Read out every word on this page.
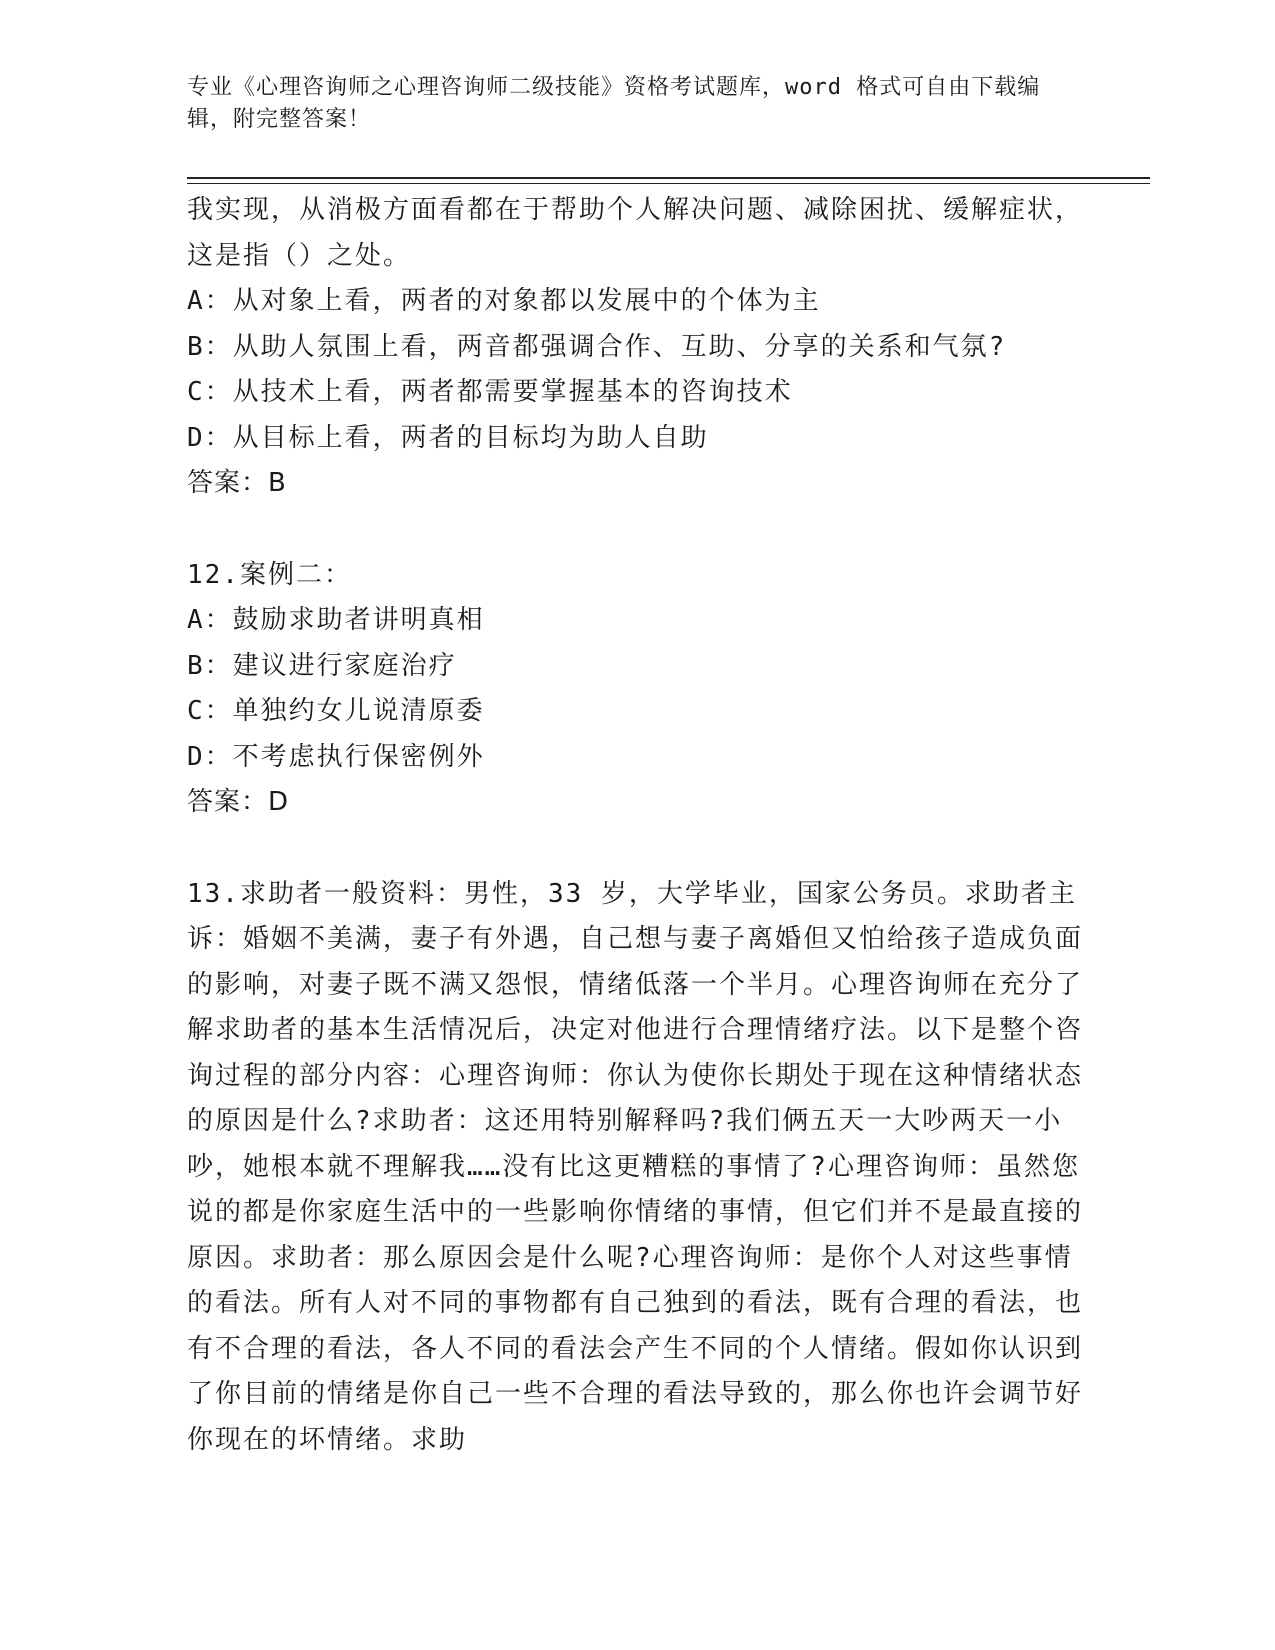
专业《心理咨询师之心理咨询师二级技能》资格考试题库，word 格式可自由下载编辑，附完整答案！

我实现，从消极方面看都在于帮助个人解决问题、减除困扰、缓解症状，这是指（）之处。

A：从对象上看，两者的对象都以发展中的个体为主

B：从助人氛围上看，两音都强调合作、互助、分享的关系和气氛?

C：从技术上看，两者都需要掌握基本的咨询技术

D：从目标上看，两者的目标均为助人自助

答案：B

12.案例二：

A：鼓励求助者讲明真相

B：建议进行家庭治疗

C：单独约女儿说清原委

D：不考虑执行保密例外

答案：D

13.求助者一般资料：男性，33 岁，大学毕业，国家公务员。求助者主诉：婚姻不美满，妻子有外遇，自己想与妻子离婚但又怕给孩子造成负面的影响，对妻子既不满又怨恨，情绪低落一个半月。心理咨询师在充分了解求助者的基本生活情况后，决定对他进行合理情绪疗法。以下是整个咨询过程的部分内容：心理咨询师：你认为使你长期处于现在这种情绪状态的原因是什么?求助者：这还用特别解释吗?我们俩五天一大吵两天一小吵，她根本就不理解我……没有比这更糟糕的事情了?心理咨询师：虽然您说的都是你家庭生活中的一些影响你情绪的事情，但它们并不是最直接的原因。求助者：那么原因会是什么呢?心理咨询师：是你个人对这些事情的看法。所有人对不同的事物都有自己独到的看法，既有合理的看法，也有不合理的看法，各人不同的看法会产生不同的个人情绪。假如你认识到了你目前的情绪是你自己一些不合理的看法导致的，那么你也许会调节好你现在的坏情绪。求助
